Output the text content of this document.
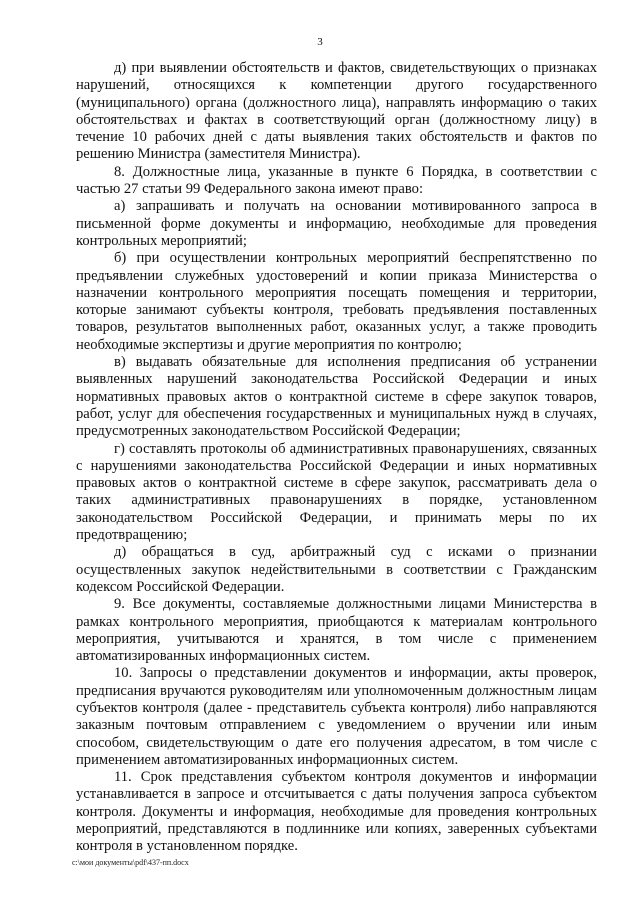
3

д) при выявлении обстоятельств и фактов, свидетельствующих о признаках нарушений, относящихся к компетенции другого государственного (муниципального) органа (должностного лица), направлять информацию о таких обстоятельствах и фактах в соответствующий орган (должностному лицу) в течение 10 рабочих дней с даты выявления таких обстоятельств и фактов по решению Министра (заместителя Министра).

8. Должностные лица, указанные в пункте 6 Порядка, в соответствии с частью 27 статьи 99 Федерального закона имеют право:

а) запрашивать и получать на основании мотивированного запроса в письменной форме документы и информацию, необходимые для проведения контрольных мероприятий;

б) при осуществлении контрольных мероприятий беспрепятственно по предъявлении служебных удостоверений и копии приказа Министерства о назначении контрольного мероприятия посещать помещения и территории, которые занимают субъекты контроля, требовать предъявления поставленных товаров, результатов выполненных работ, оказанных услуг, а также проводить необходимые экспертизы и другие мероприятия по контролю;

в) выдавать обязательные для исполнения предписания об устранении выявленных нарушений законодательства Российской Федерации и иных нормативных правовых актов о контрактной системе в сфере закупок товаров, работ, услуг для обеспечения государственных и муниципальных нужд в случаях, предусмотренных законодательством Российской Федерации;

г) составлять протоколы об административных правонарушениях, связанных с нарушениями законодательства Российской Федерации и иных нормативных правовых актов о контрактной системе в сфере закупок, рассматривать дела о таких административных правонарушениях в порядке, установленном законодательством Российской Федерации, и принимать меры по их предотвращению;

д) обращаться в суд, арбитражный суд с исками о признании осуществленных закупок недействительными в соответствии с Гражданским кодексом Российской Федерации.

9. Все документы, составляемые должностными лицами Министерства в рамках контрольного мероприятия, приобщаются к материалам контрольного мероприятия, учитываются и хранятся, в том числе с применением автоматизированных информационных систем.

10. Запросы о представлении документов и информации, акты проверок, предписания вручаются руководителям или уполномоченным должностным лицам субъектов контроля (далее - представитель субъекта контроля) либо направляются заказным почтовым отправлением с уведомлением о вручении или иным способом, свидетельствующим о дате его получения адресатом, в том числе с применением автоматизированных информационных систем.

11. Срок представления субъектом контроля документов и информации устанавливается в запросе и отсчитывается с даты получения запроса субъектом контроля. Документы и информация, необходимые для проведения контрольных мероприятий, представляются в подлиннике или копиях, заверенных субъектами контроля в установленном порядке.

c:\мои документы\pdf\437-пп.docx
